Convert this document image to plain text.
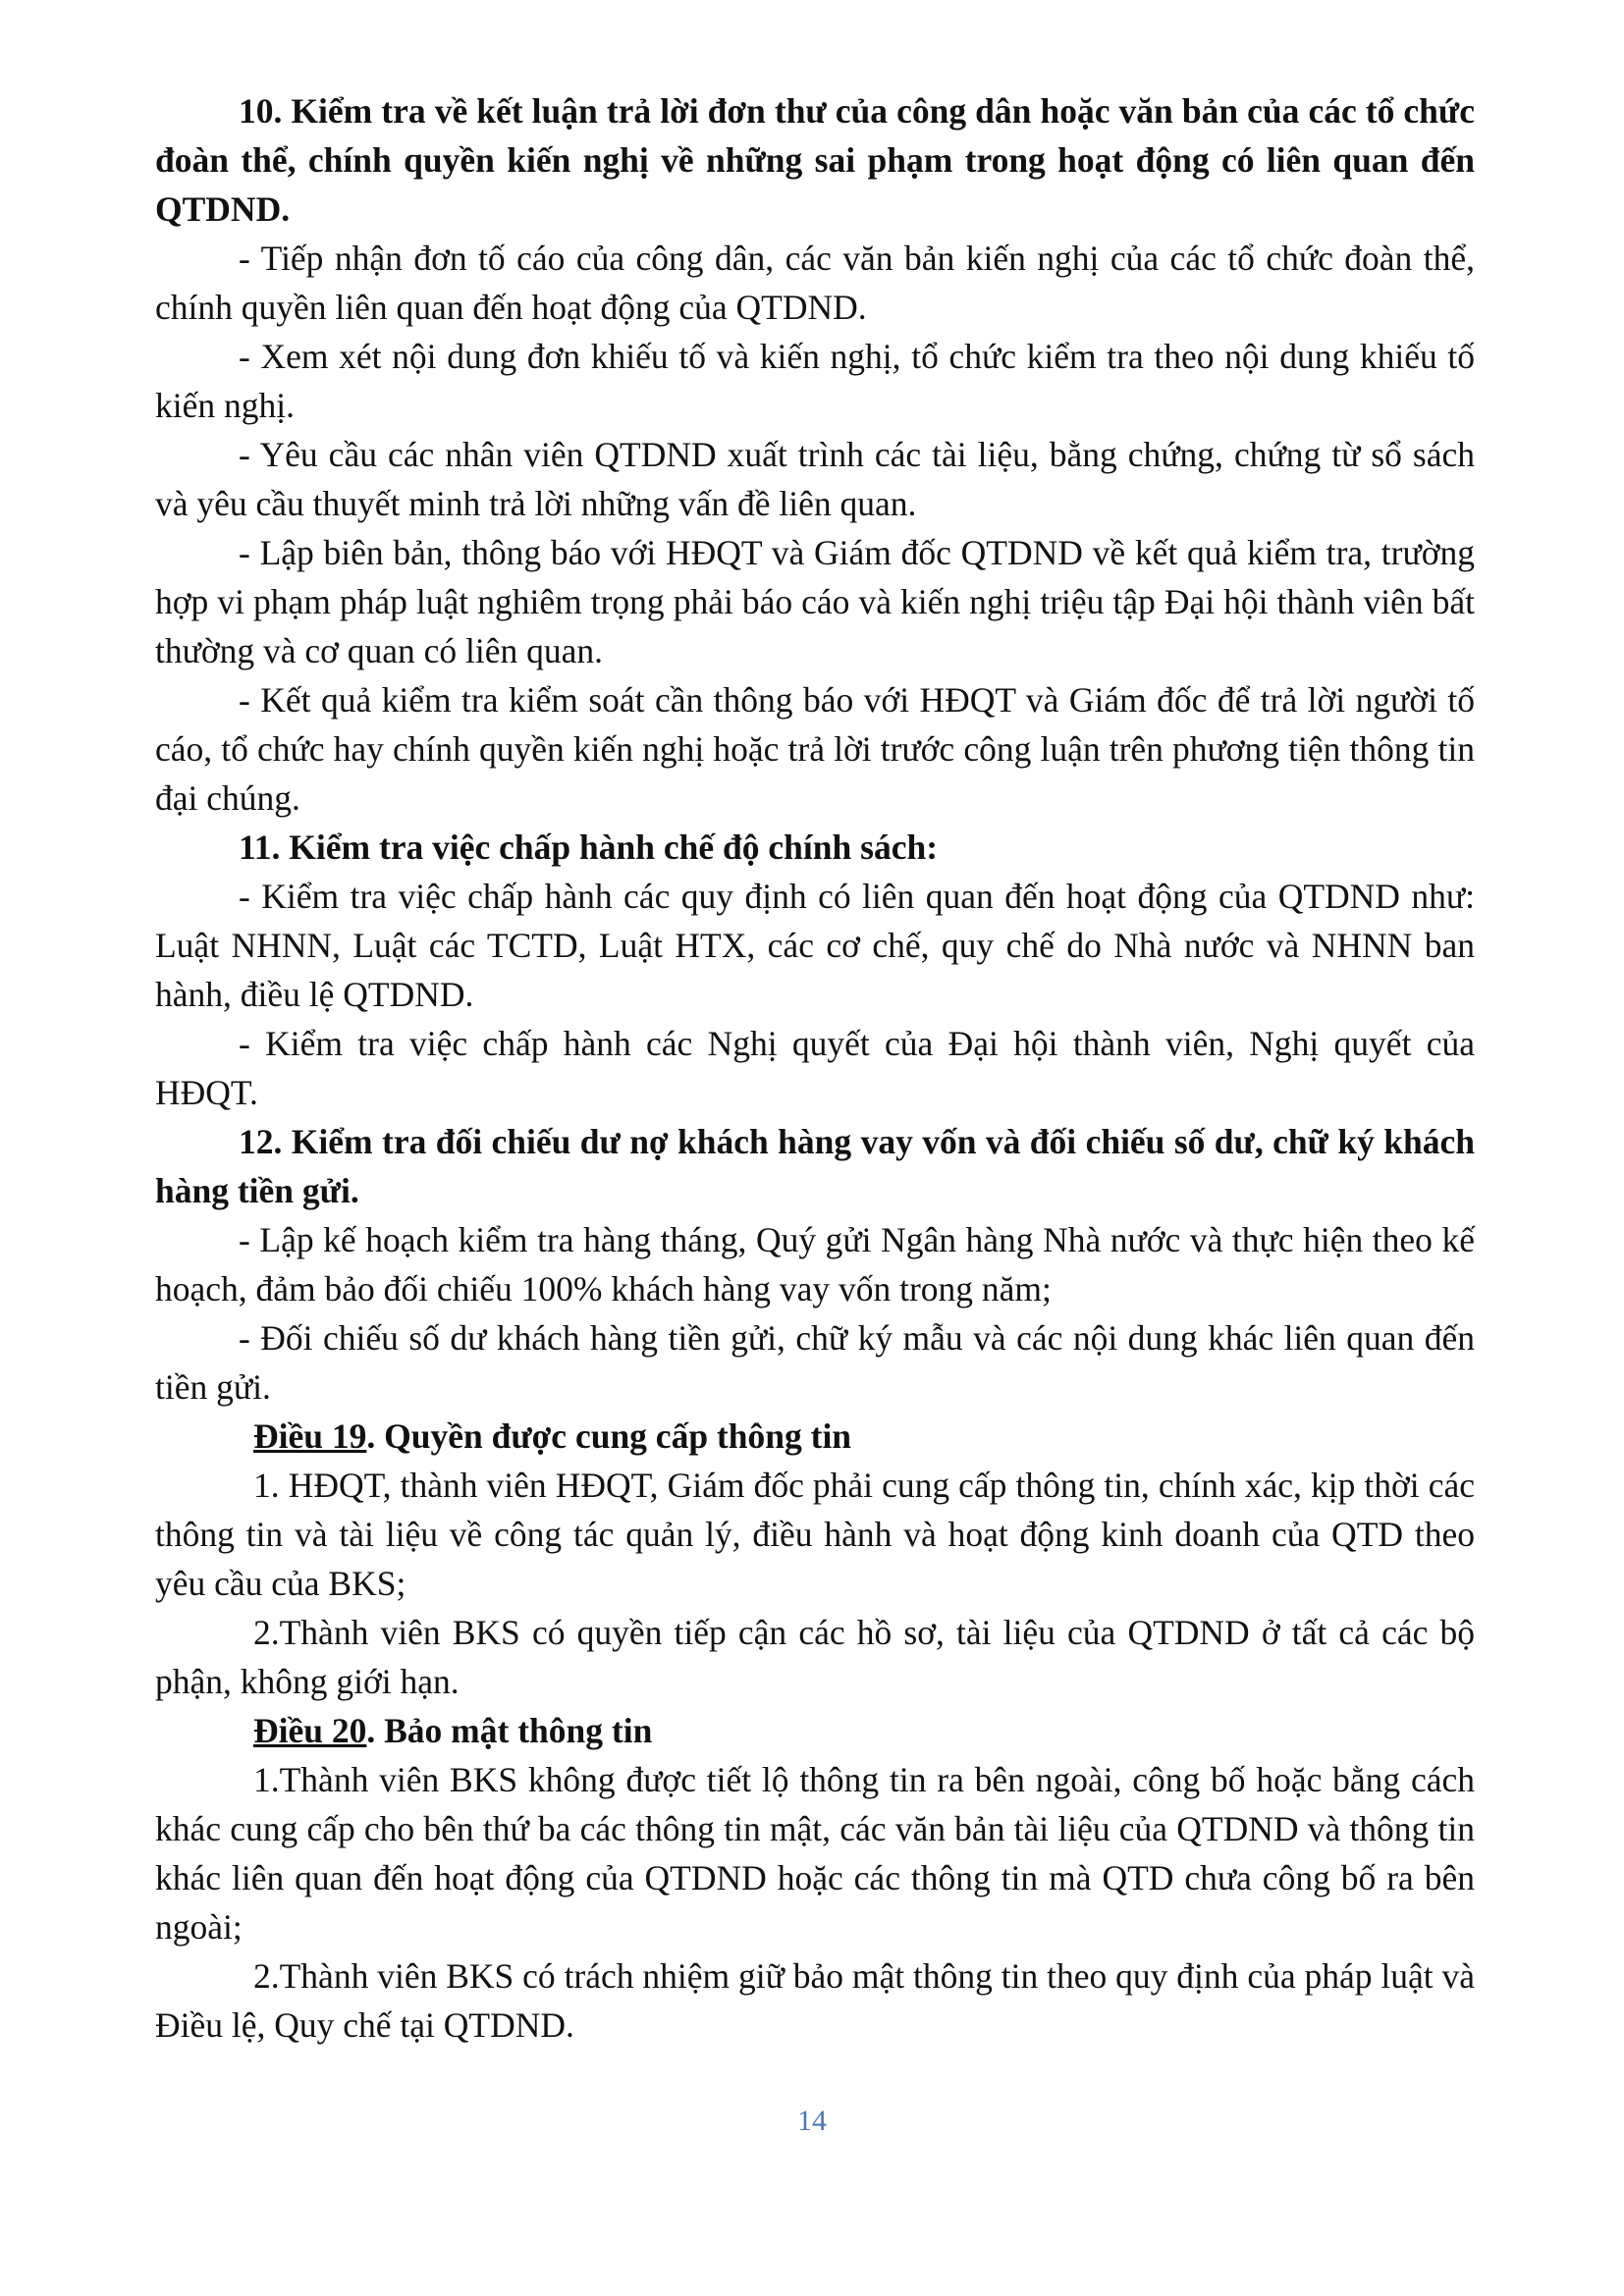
10. Kiểm tra về kết luận trả lời đơn thư của công dân hoặc văn bản của các tổ chức đoàn thể, chính quyền kiến nghị về những sai phạm trong hoạt động có liên quan đến QTDND.

- Tiếp nhận đơn tố cáo của công dân, các văn bản kiến nghị của các tổ chức đoàn thể, chính quyền liên quan đến hoạt động của QTDND.

- Xem xét nội dung đơn khiếu tố và kiến nghị, tổ chức kiểm tra theo nội dung khiếu tố kiến nghị.

- Yêu cầu các nhân viên QTDND xuất trình các tài liệu, bằng chứng, chứng từ sổ sách và yêu cầu thuyết minh trả lời những vấn đề liên quan.

- Lập biên bản, thông báo với HĐQT và Giám đốc QTDND về kết quả kiểm tra, trường hợp vi phạm pháp luật nghiêm trọng phải báo cáo và kiến nghị triệu tập Đại hội thành viên bất thường và cơ quan có liên quan.

- Kết quả kiểm tra kiểm soát cần thông báo với HĐQT và Giám đốc để trả lời người tố cáo, tổ chức hay chính quyền kiến nghị hoặc trả lời trước công luận trên phương tiện thông tin đại chúng.

11. Kiểm tra việc chấp hành chế độ chính sách:

- Kiểm tra việc chấp hành các quy định có liên quan đến hoạt động của QTDND như: Luật NHNN, Luật các TCTD, Luật HTX, các cơ chế, quy chế do Nhà nước và NHNN ban hành, điều lệ QTDND.

- Kiểm tra việc chấp hành các Nghị quyết của Đại hội thành viên, Nghị quyết của HĐQT.

12. Kiểm tra đối chiếu dư nợ khách hàng vay vốn và đối chiếu số dư, chữ ký khách hàng tiền gửi.

- Lập kế hoạch kiểm tra hàng tháng, Quý gửi Ngân hàng Nhà nước và thực hiện theo kế hoạch, đảm bảo đối chiếu 100% khách hàng vay vốn trong năm;

- Đối chiếu số dư khách hàng tiền gửi, chữ ký mẫu và các nội dung khác liên quan đến tiền gửi.

Điều 19. Quyền được cung cấp thông tin

1. HĐQT, thành viên HĐQT, Giám đốc phải cung cấp thông tin, chính xác, kịp thời các thông tin và tài liệu về công tác quản lý, điều hành và hoạt động kinh doanh của QTD theo yêu cầu của BKS;

2.Thành viên BKS có quyền tiếp cận các hồ sơ, tài liệu của QTDND ở tất cả các bộ phận, không giới hạn.

Điều 20. Bảo mật thông tin

1.Thành viên BKS không được tiết lộ thông tin ra bên ngoài, công bố hoặc bằng cách khác cung cấp cho bên thứ ba các thông tin mật, các văn bản tài liệu của QTDND và thông tin khác liên quan đến hoạt động của QTDND hoặc các thông tin mà QTD chưa công bố ra bên ngoài;

2.Thành viên BKS có trách nhiệm giữ bảo mật thông tin theo quy định của pháp luật và Điều lệ, Quy chế tại QTDND.

14
